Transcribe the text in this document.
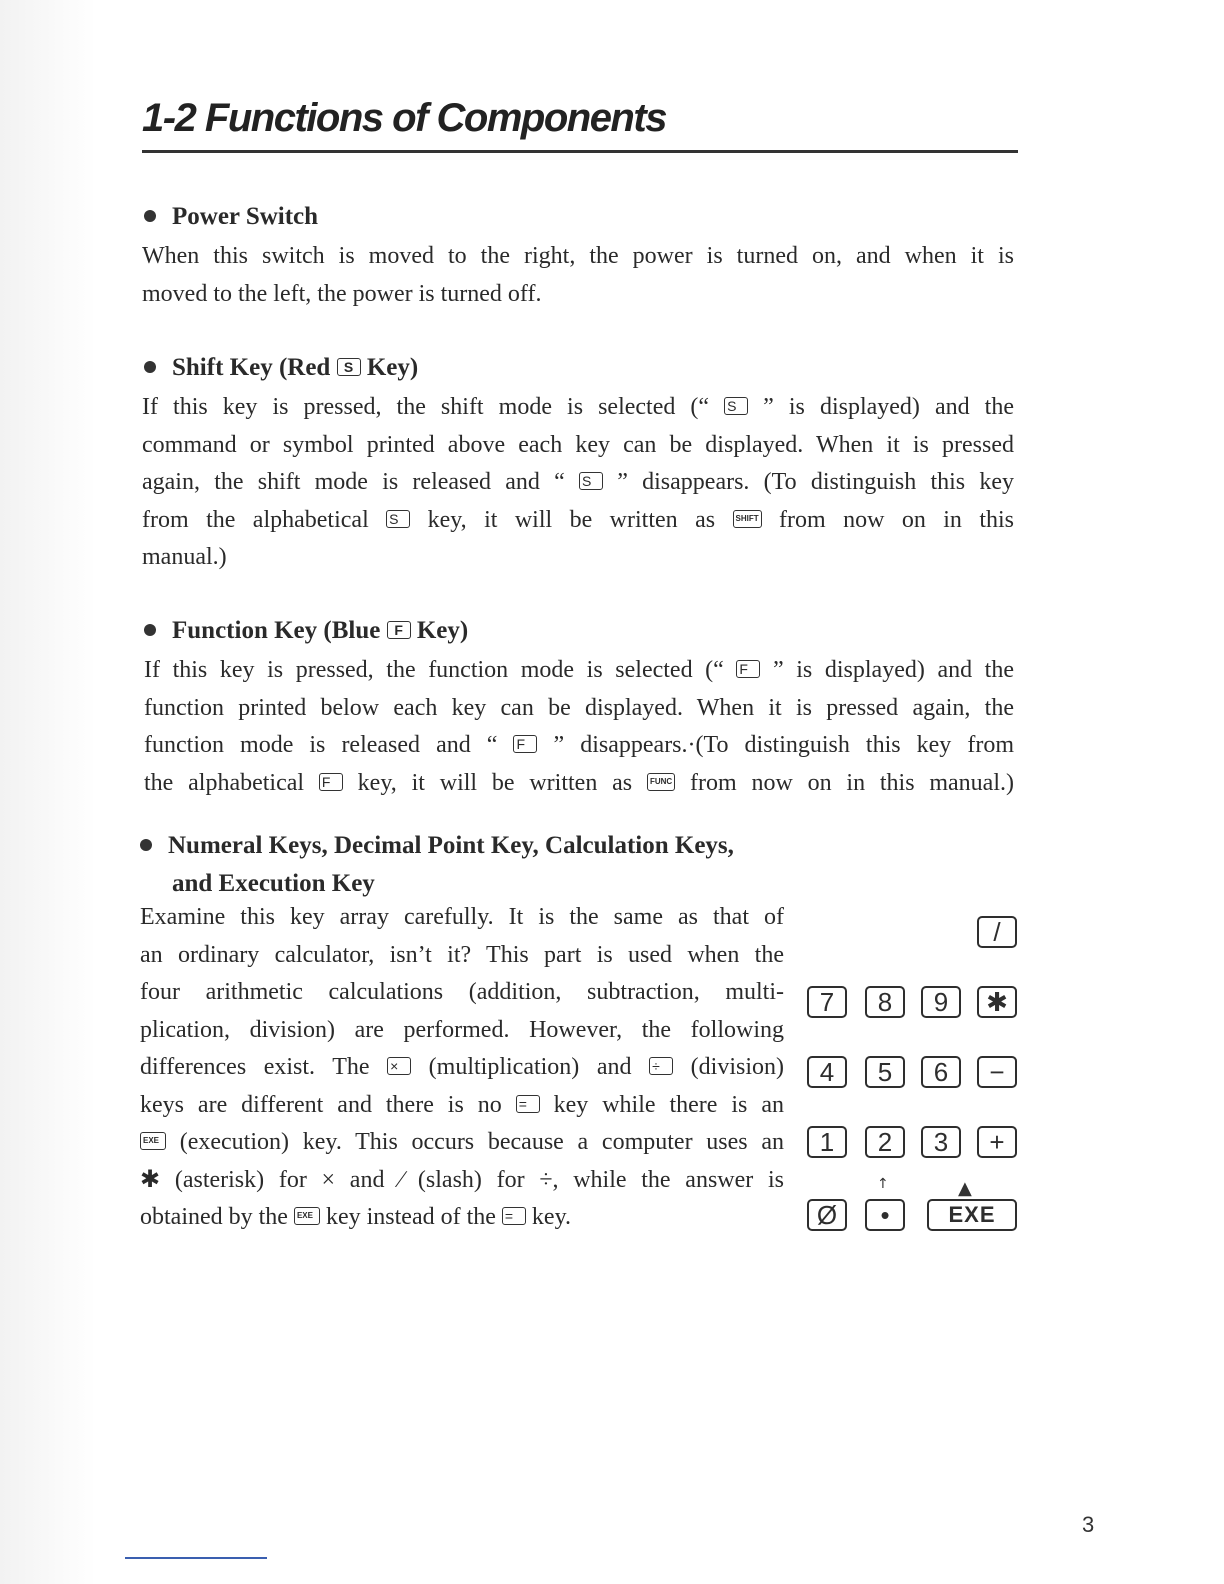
1-2 Functions of Components
Power Switch
When this switch is moved to the right, the power is turned on, and when it is
moved to the left, the power is turned off.
Shift Key (Red S Key)
If this key is pressed, the shift mode is selected (“ S ” is displayed) and the
command or symbol printed above each key can be displayed. When it is pressed
again, the shift mode is released and “ S ” disappears. (To distinguish this key
from the alphabetical S key, it will be written as SHIFT from now on in this
manual.)
Function Key (Blue F Key)
If this key is pressed, the function mode is selected (“ F ” is displayed) and the
function printed below each key can be displayed. When it is pressed again, the
function mode is released and “ F ” disappears.·(To distinguish this key from
the alphabetical F key, it will be written as FUNC from now on in this manual.)
Numeral Keys, Decimal Point Key, Calculation Keys,
and Execution Key
Examine this key array carefully. It is the same as that of
an ordinary calculator, isn’t it? This part is used when the
four arithmetic calculations (addition, subtraction, multi-
plication, division) are performed. However, the following
differences exist. The × (multiplication) and ÷ (division)
keys are different and there is no = key while there is an
EXE (execution) key. This occurs because a computer uses an
✱ (asterisk) for × and ∕ (slash) for ÷, while the answer is
obtained by the EXE key instead of the = key.
/
7	8	9	✱
4	5	6	−
1	2	3	+
↑	▲
Ø	•	EXE
3
